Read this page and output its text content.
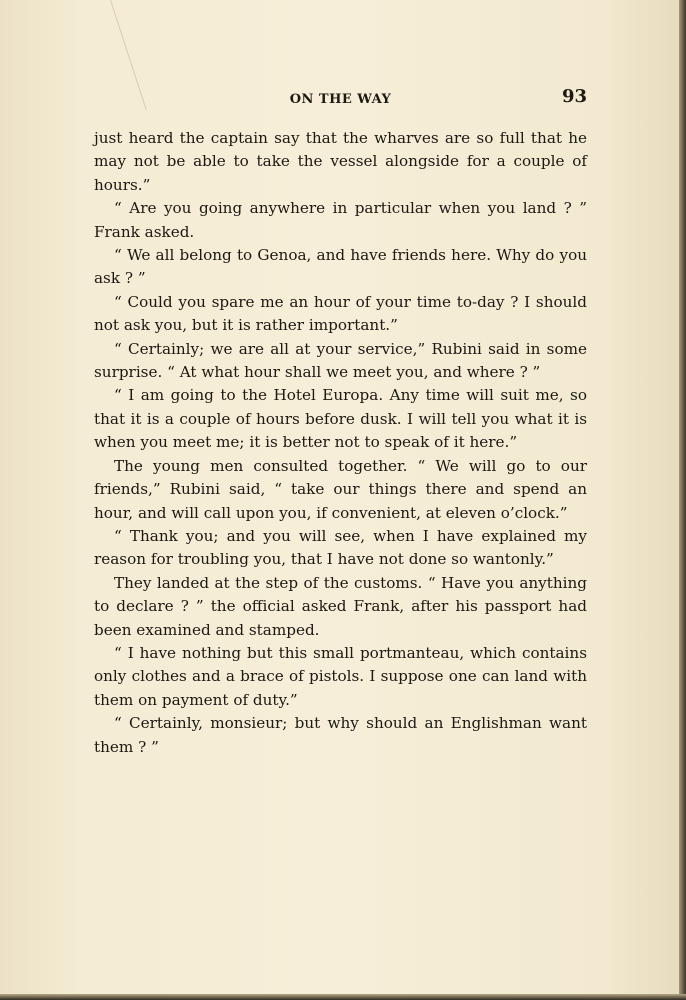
ON THE WAY	93

just heard the captain say that the wharves are so full that he may not be able to take the vessel alongside for a couple of hours.”

“ Are you going anywhere in particular when you land ? ” Frank asked.

“ We all belong to Genoa, and have friends here. Why do you ask ? ”

“ Could you spare me an hour of your time to-day ? I should not ask you, but it is rather important.”

“ Certainly; we are all at your service,” Rubini said in some surprise. “ At what hour shall we meet you, and where ? ”

“ I am going to the Hotel Europa. Any time will suit me, so that it is a couple of hours before dusk. I will tell you what it is when you meet me; it is better not to speak of it here.”

The young men consulted together. “ We will go to our friends,” Rubini said, “ take our things there and spend an hour, and will call upon you, if convenient, at eleven o’clock.”

“ Thank you; and you will see, when I have explained my reason for troubling you, that I have not done so wantonly.”

They landed at the step of the customs. “ Have you anything to declare ? ” the official asked Frank, after his passport had been examined and stamped.

“ I have nothing but this small portmanteau, which contains only clothes and a brace of pistols. I suppose one can land with them on payment of duty.”

“ Certainly, monsieur; but why should an Englishman want them ? ”
